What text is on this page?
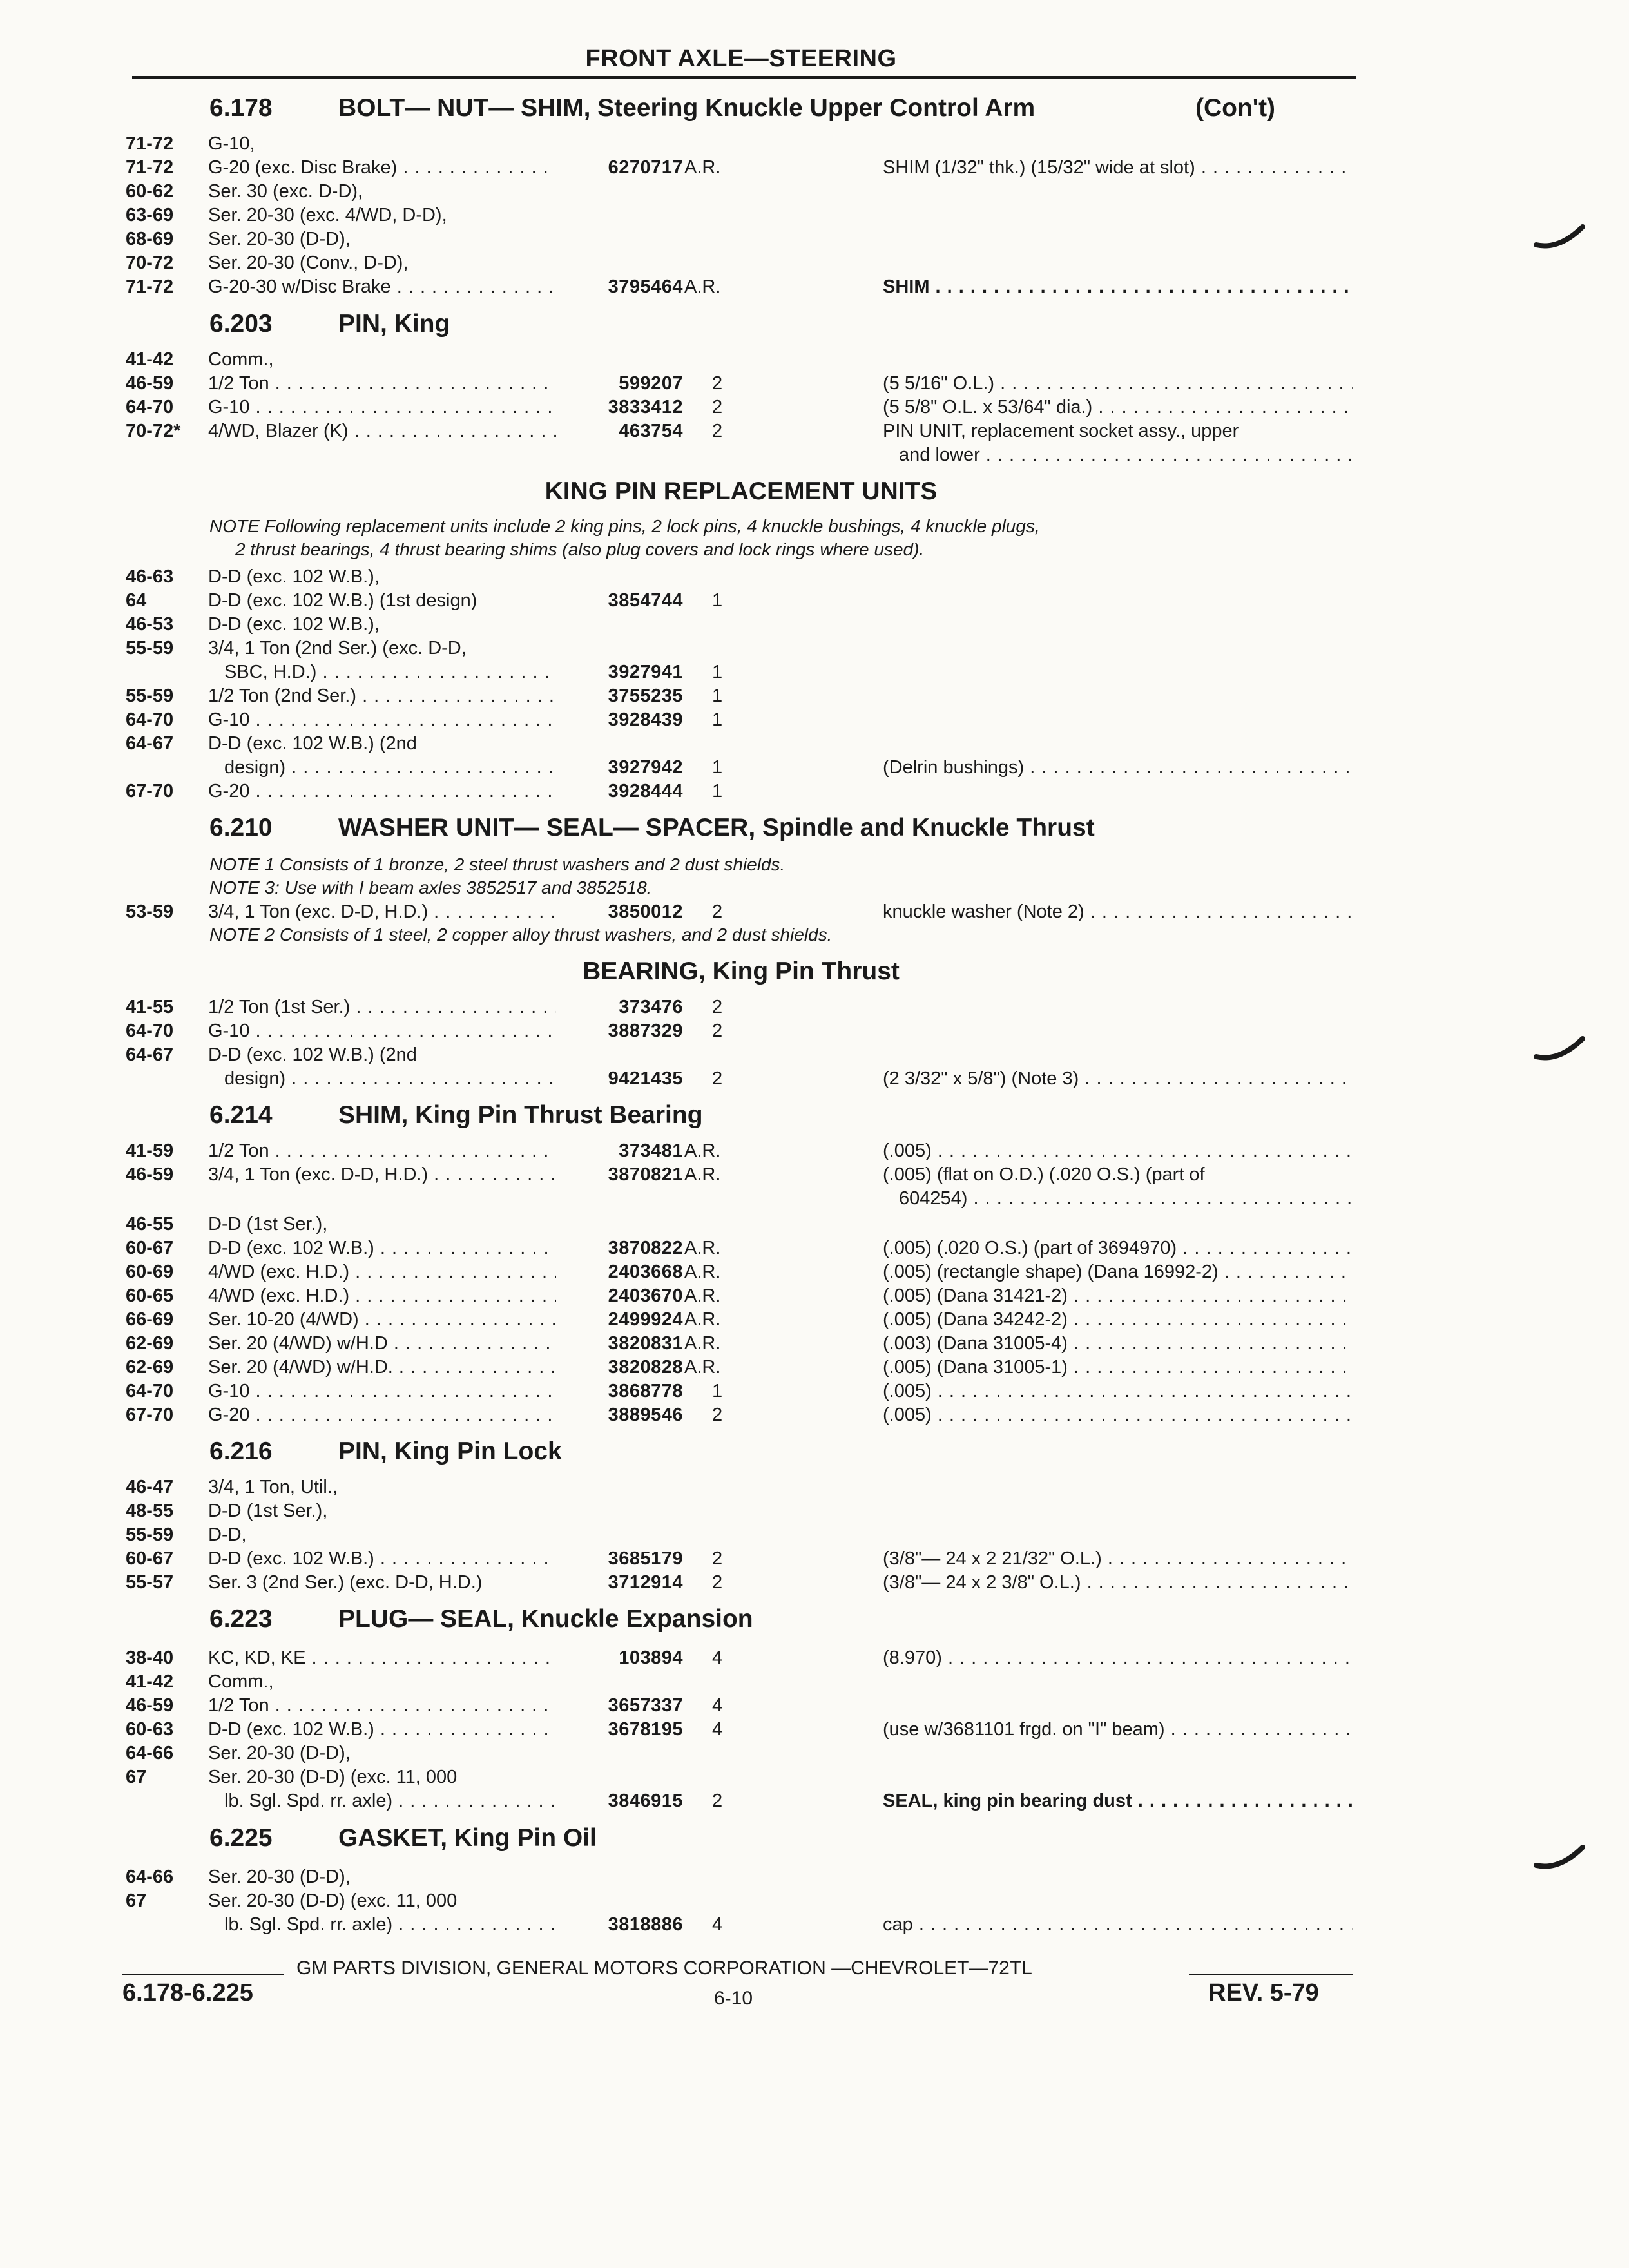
FRONT AXLE—STEERING
6.178	BOLT— NUT— SHIM, Steering Knuckle Upper Control Arm	(Con't)
71-72 G-10,
71-72 G-20 (exc. Disc Brake) . . .	6270717 A.R.	SHIM (1/32" thk.) (15/32" wide at slot) . . .
60-62 Ser. 30 (exc. D-D),
63-69 Ser. 20-30 (exc. 4/WD, D-D),
68-69 Ser. 20-30 (D-D),
70-72 Ser. 20-30 (Conv., D-D),
71-72 G-20-30 w/Disc Brake . . .	3795464 A.R.	SHIM . . .
6.203	PIN, King
41-42 Comm.,
46-59 1/2 Ton . . .	599207 2	(5 5/16" O.L.) . . .
64-70 G-10 . . .	3833412 2	(5 5/8" O.L. x 53/64" dia.) . . .
70-72* 4/WD, Blazer (K) . . .	463754 2	PIN UNIT, replacement socket assy., upper
and lower . . .
KING PIN REPLACEMENT UNITS
NOTE Following replacement units include 2 king pins, 2 lock pins, 4 knuckle bushings, 4 knuckle plugs,
2 thrust bearings, 4 thrust bearing shims (also plug covers and lock rings where used).
46-63 D-D (exc. 102 W.B.),
64	D-D (exc. 102 W.B.) (1st design)	3854744 1
46-53 D-D (exc. 102 W.B.),
55-59 3/4, 1 Ton (2nd Ser.) (exc. D-D,
SBC, H.D.) . . .	3927941 1
55-59 1/2 Ton (2nd Ser.) . . .	3755235 1
64-70 G-10 . . .	3928439 1
64-67 D-D (exc. 102 W.B.) (2nd
design) . . .	3927942 1	(Delrin bushings) . . .
67-70 G-20 . . .	3928444 1
6.210	WASHER UNIT— SEAL— SPACER, Spindle and Knuckle Thrust
NOTE 1 Consists of 1 bronze, 2 steel thrust washers and 2 dust shields.
NOTE 3: Use with I beam axles 3852517 and 3852518.
53-59 3/4, 1 Ton (exc. D-D, H.D.) . . .	3850012 2	knuckle washer (Note 2) . . .
NOTE 2 Consists of 1 steel, 2 copper alloy thrust washers, and 2 dust shields.
BEARING, King Pin Thrust
41-55 1/2 Ton (1st Ser.) . . .	373476 2
64-70 G-10 . . .	3887329 2
64-67 D-D (exc. 102 W.B.) (2nd
design) . . .	9421435 2	(2 3/32" x 5/8") (Note 3) . . .
6.214	SHIM, King Pin Thrust Bearing
41-59 1/2 Ton . . .	373481 A.R.	(.005) . . .
46-59 3/4, 1 Ton (exc. D-D, H.D.) . . .	3870821 A.R.	(.005) (flat on O.D.) (.020 O.S.) (part of
604254) . . .
46-55 D-D (1st Ser.),
60-67 D-D (exc. 102 W.B.) . . .	3870822 A.R.	(.005) (.020 O.S.) (part of 3694970) . . .
60-69 4/WD (exc. H.D.) . . .	2403668 A.R.	(.005) (rectangle shape) (Dana 16992-2) . . .
60-65 4/WD (exc. H.D.) . . .	2403670 A.R.	(.005) (Dana 31421-2) . . .
66-69 Ser. 10-20 (4/WD) . . .	2499924 A.R.	(.005) (Dana 34242-2) . . .
62-69 Ser. 20 (4/WD) w/H.D . . .	3820831 A.R.	(.003) (Dana 31005-4) . . .
62-69 Ser. 20 (4/WD) w/H.D. . . .	3820828 A.R.	(.005) (Dana 31005-1) . . .
64-70 G-10 . . .	3868778 1	(.005) . . .
67-70 G-20 . . .	3889546 2	(.005) . . .
6.216	PIN, King Pin Lock
46-47 3/4, 1 Ton, Util.,
48-55 D-D (1st Ser.),
55-59 D-D,
60-67 D-D (exc. 102 W.B.) . . .	3685179 2	(3/8"— 24 x 2 21/32" O.L.) . . .
55-57 Ser. 3 (2nd Ser.) (exc. D-D, H.D.)	3712914 2	(3/8"— 24 x 2 3/8" O.L.) . . .
6.223	PLUG— SEAL, Knuckle Expansion
38-40 KC, KD, KE . . .	103894 4	(8.970) . . .
41-42 Comm.,
46-59 1/2 Ton . . .	3657337 4
60-63 D-D (exc. 102 W.B.) . . .	3678195 4	(use w/3681101 frgd. on "I" beam) . . .
64-66 Ser. 20-30 (D-D),
67	Ser. 20-30 (D-D) (exc. 11, 000
lb. Sgl. Spd. rr. axle) . . .	3846915 2	SEAL, king pin bearing dust . . .
6.225	GASKET, King Pin Oil
64-66 Ser. 20-30 (D-D),
67	Ser. 20-30 (D-D) (exc. 11, 000
lb. Sgl. Spd. rr. axle) . . .	3818886 4	cap . . .
GM PARTS DIVISION, GENERAL MOTORS CORPORATION —CHEVROLET—72TL
6.178-6.225	6-10	REV. 5-79
